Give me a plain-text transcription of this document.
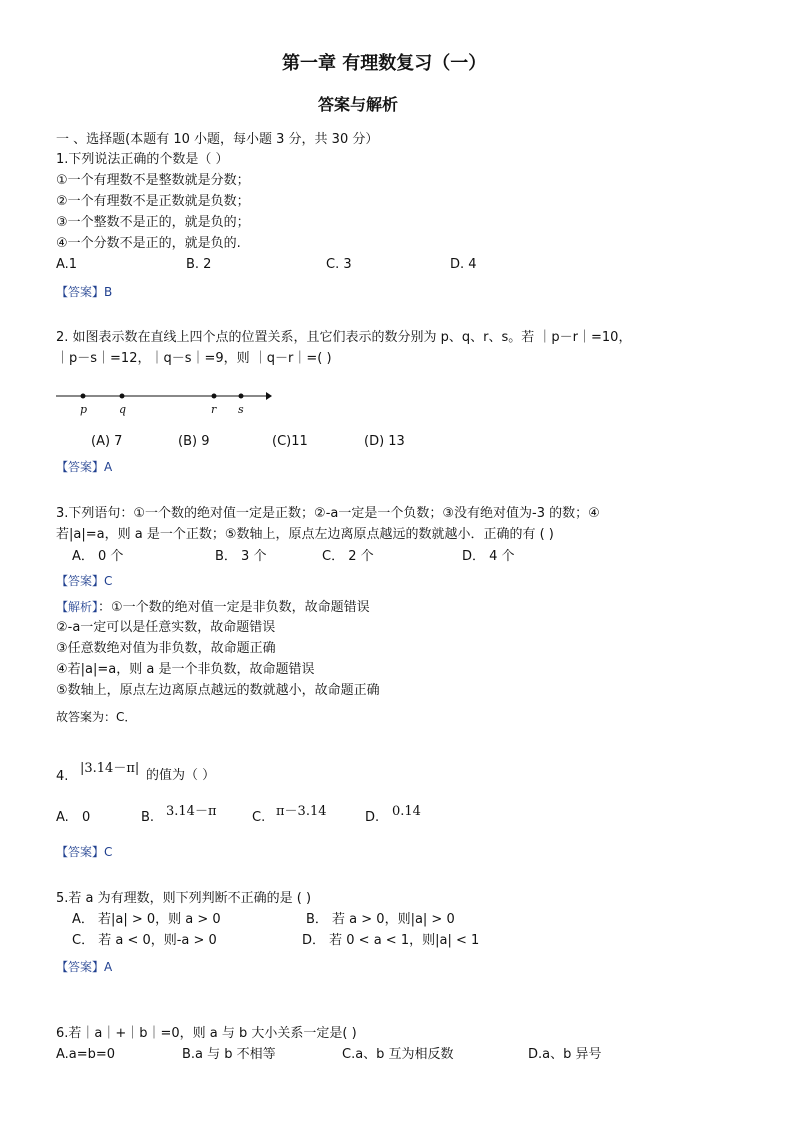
第一章 有理数复习（一）
答案与解析
一 、选择题(本题有 10 小题，每小题 3 分，共 30 分）
1.下列说法正确的个数是（ ）
①一个有理数不是整数就是分数；
②一个有理数不是正数就是负数；
③一个整数不是正的，就是负的；
④一个分数不是正的，就是负的.
A.1	B. 2	C. 3	D. 4
【答案】B
2. 如图表示数在直线上四个点的位置关系，且它们表示的数分别为 p、q、r、s。若 ｜p－r｜=10，
｜p－s｜=12，｜q－s｜=9，则 ｜q－r｜=( )
p	q	r s
(A) 7	(B) 9	(C)11	(D) 13
【答案】A
3.下列语句：①一个数的绝对值一定是正数；②-a一定是一个负数；③没有绝对值为-3 的数；④
若|a|=a，则 a 是一个正数；⑤数轴上，原点左边离原点越远的数就越小．正确的有 ( )
A． 0 个	B． 3 个	C． 2 个	D． 4 个
【答案】C
【解析】：①一个数的绝对值一定是非负数，故命题错误
②-a一定可以是任意实数，故命题错误
③任意数绝对值为非负数，故命题正确
④若|a|=a，则 a 是一个非负数，故命题错误
⑤数轴上，原点左边离原点越远的数就越小，故命题正确
故答案为：C．
4.
|3.14－π| 的值为（ ）
A. 0	B. 3.14－π	C. π－3.14	D. 0.14
【答案】C
5.若 a 为有理数，则下列判断不正确的是 ( )
A． 若|a| > 0，则 a > 0	B． 若 a > 0，则|a| > 0
C． 若 a < 0，则-a > 0	D． 若 0 < a < 1，则|a| < 1
【答案】A
6.若｜a｜+｜b｜=0，则 a 与 b 大小关系一定是( )
A.a=b=0	B.a 与 b 不相等	C.a、b 互为相反数	D.a、b 异号
